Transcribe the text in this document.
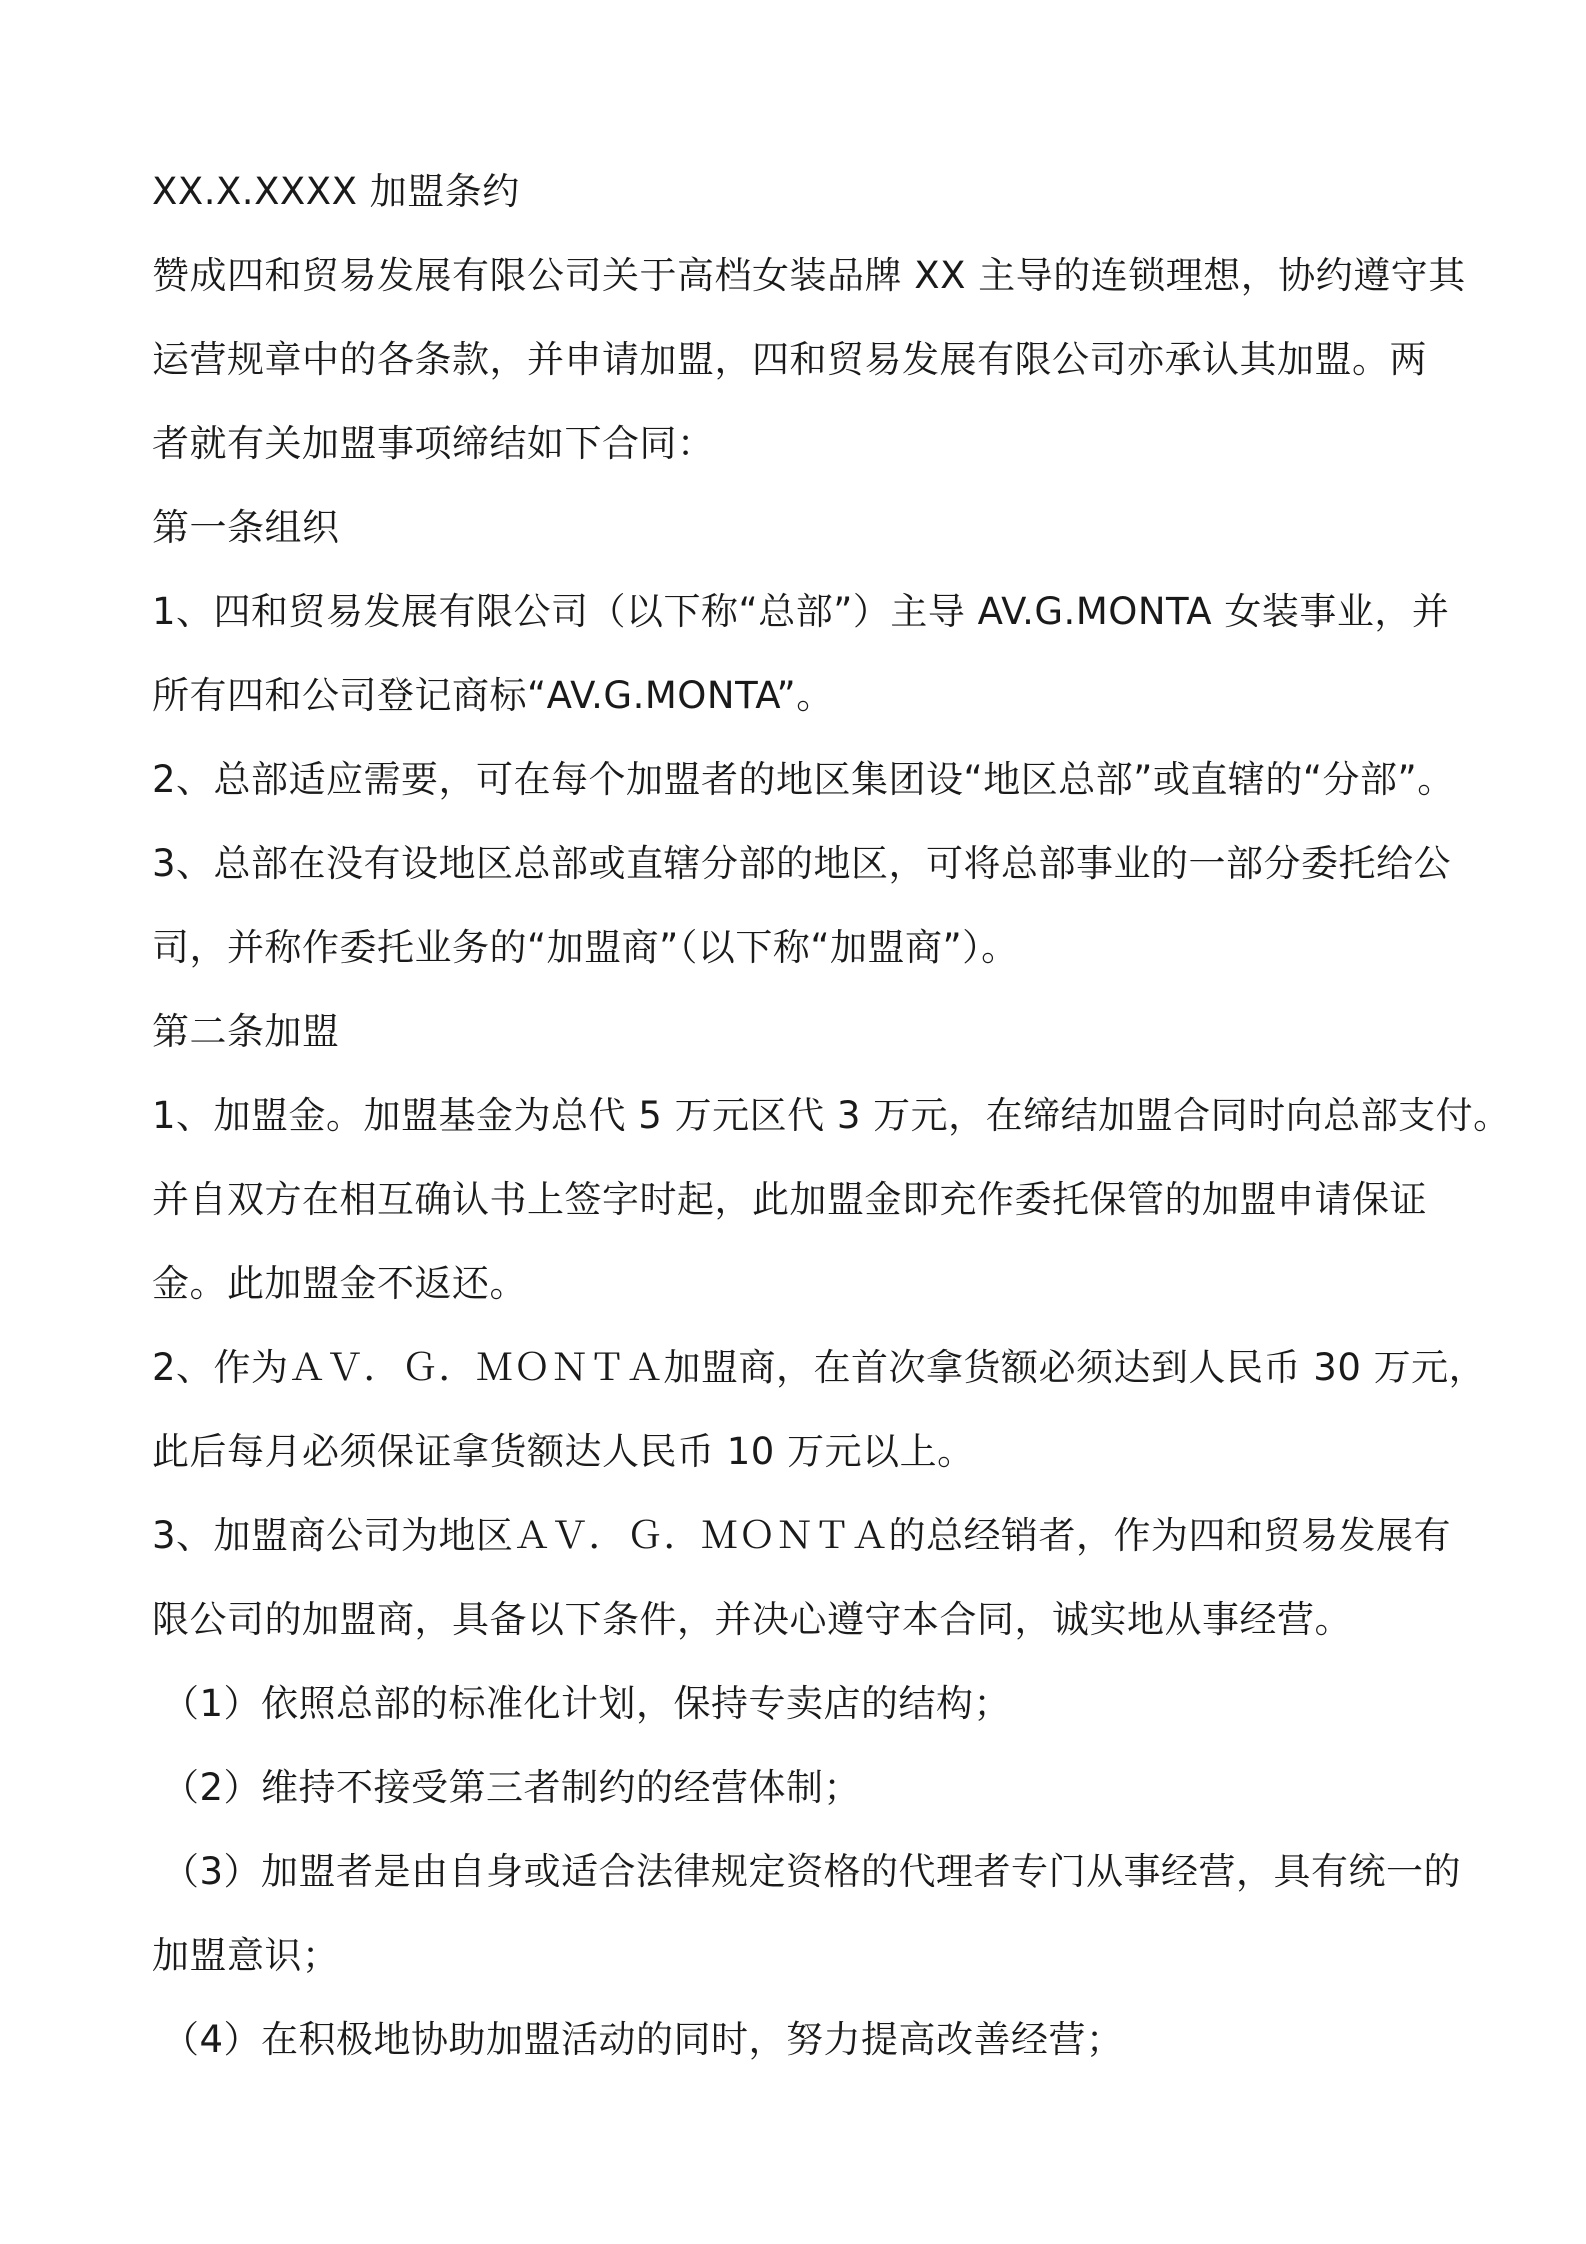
XX.X.XXXX 加盟条约
赞成四和贸易发展有限公司关于高档女装品牌 XX 主导的连锁理想，协约遵守其
运营规章中的各条款，并申请加盟，四和贸易发展有限公司亦承认其加盟。两
者就有关加盟事项缔结如下合同：
第一条组织
1、四和贸易发展有限公司（以下称“总部”）主导 AV.G.MONTA 女装事业，并
所有四和公司登记商标“AV.G.MONTA”。
2、总部适应需要，可在每个加盟者的地区集团设“地区总部”或直辖的“分部”。
3、总部在没有设地区总部或直辖分部的地区，可将总部事业的一部分委托给公
司，并称作委托业务的“加盟商”（以下称“加盟商”）。
第二条加盟
1、加盟金。加盟基金为总代 5 万元区代 3 万元，在缔结加盟合同时向总部支付。
并自双方在相互确认书上签字时起，此加盟金即充作委托保管的加盟申请保证
金。此加盟金不返还。
2、作为ＡＶ．Ｇ．ＭＯＮＴＡ加盟商，在首次拿货额必须达到人民币 30 万元，
此后每月必须保证拿货额达人民币 10 万元以上。
3、加盟商公司为地区ＡＶ．Ｇ．ＭＯＮＴＡ的总经销者，作为四和贸易发展有
限公司的加盟商，具备以下条件，并决心遵守本合同，诚实地从事经营。
（1）依照总部的标准化计划，保持专卖店的结构；
（2）维持不接受第三者制约的经营体制；
（3）加盟者是由自身或适合法律规定资格的代理者专门从事经营，具有统一的
加盟意识；
（4）在积极地协助加盟活动的同时，努力提高改善经营；
